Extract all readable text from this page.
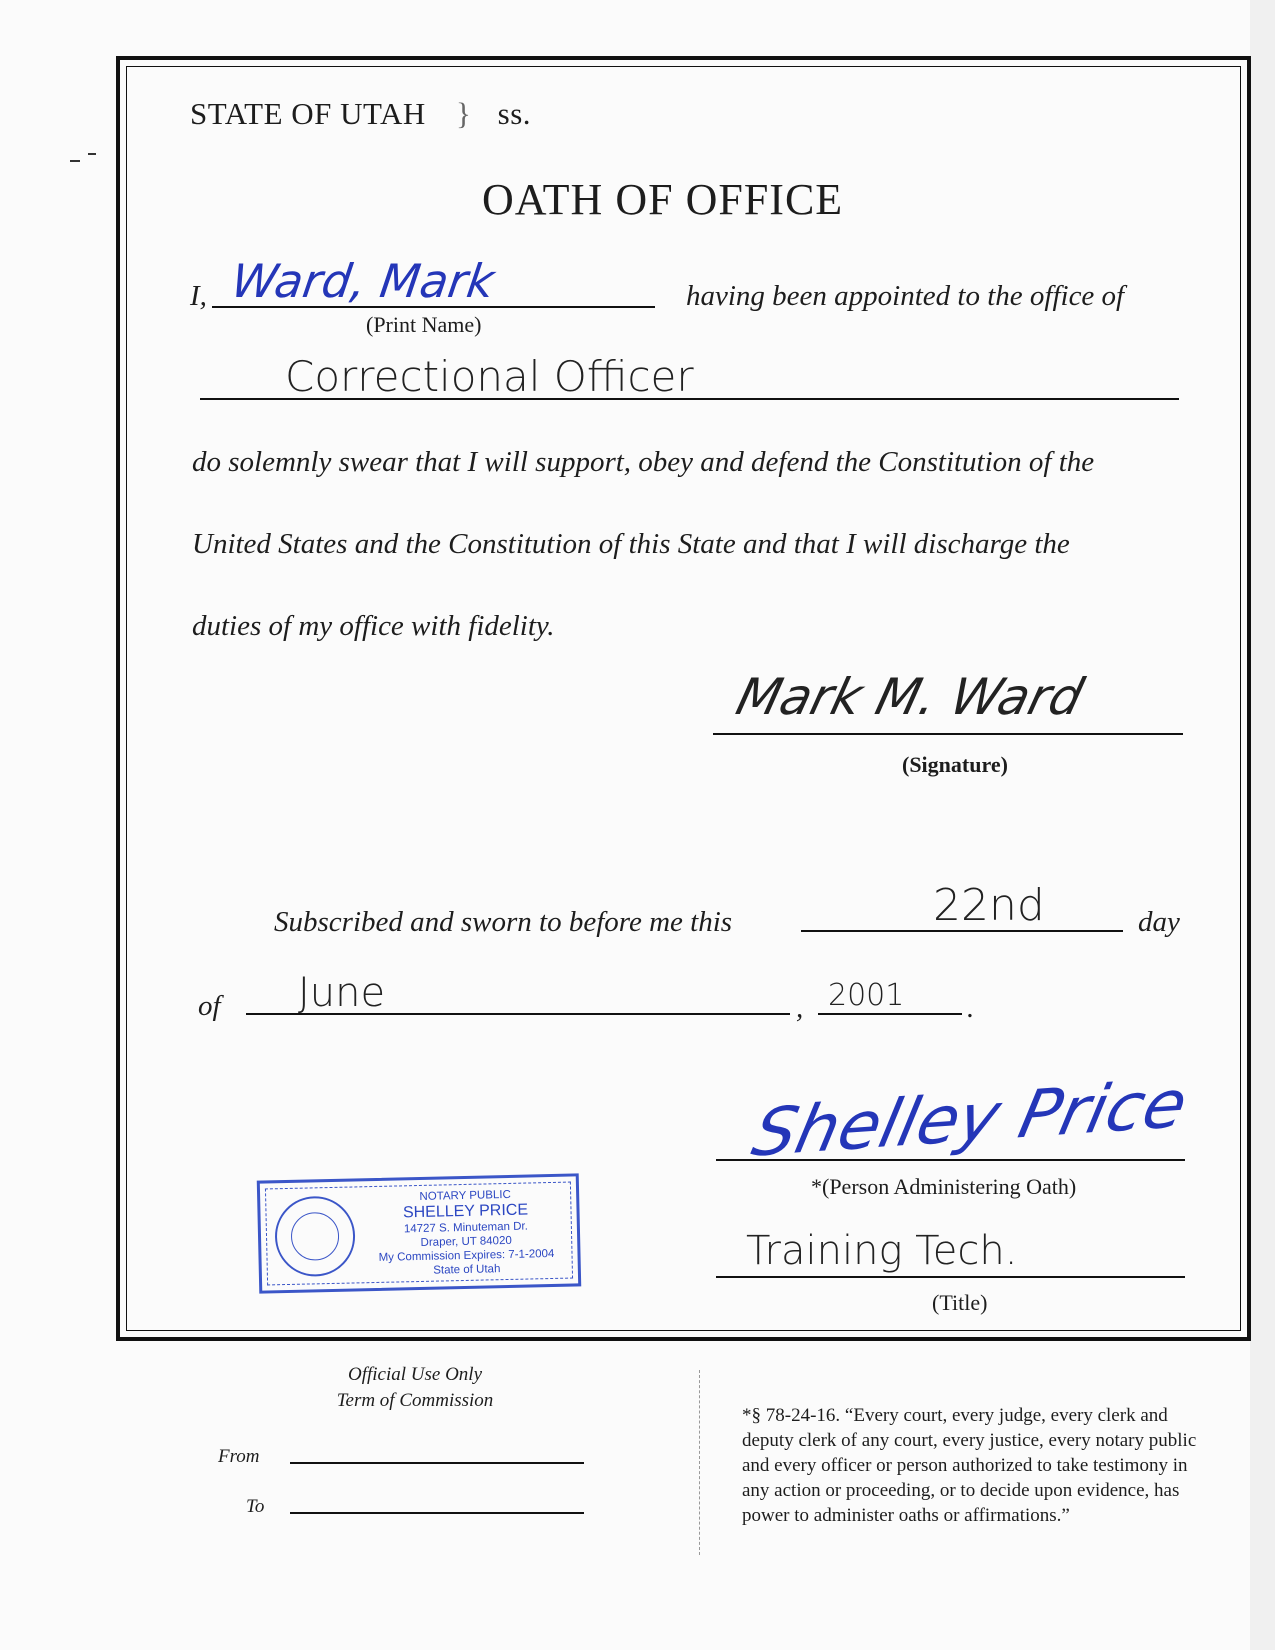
STATE OF UTAH } ss.
OATH OF OFFICE
I, Ward, Mark
(Print Name)
having been appointed to the office of
Correctional Officer
do solemnly swear that I will support, obey and defend the Constitution of the
United States and the Constitution of this State and that I will discharge the
duties of my office with fidelity.
Mark M. Ward
(Signature)
Subscribed and sworn to before me this	22nd	day
of June	, 2001 .
Shelley Price
*(Person Administering Oath)
Training Tech.
(Title)
NOTARY PUBLIC
SHELLEY PRICE
14727 S. Minuteman Dr.
Draper, UT 84020
My Commission Expires: 7-1-2004
State of Utah
Official Use Only
Term of Commission
From
To
*§ 78-24-16. “Every court, every judge, every clerk and
deputy clerk of any court, every justice, every notary public
and every officer or person authorized to take testimony in
any action or proceeding, or to decide upon evidence, has
power to administer oaths or affirmations.”
